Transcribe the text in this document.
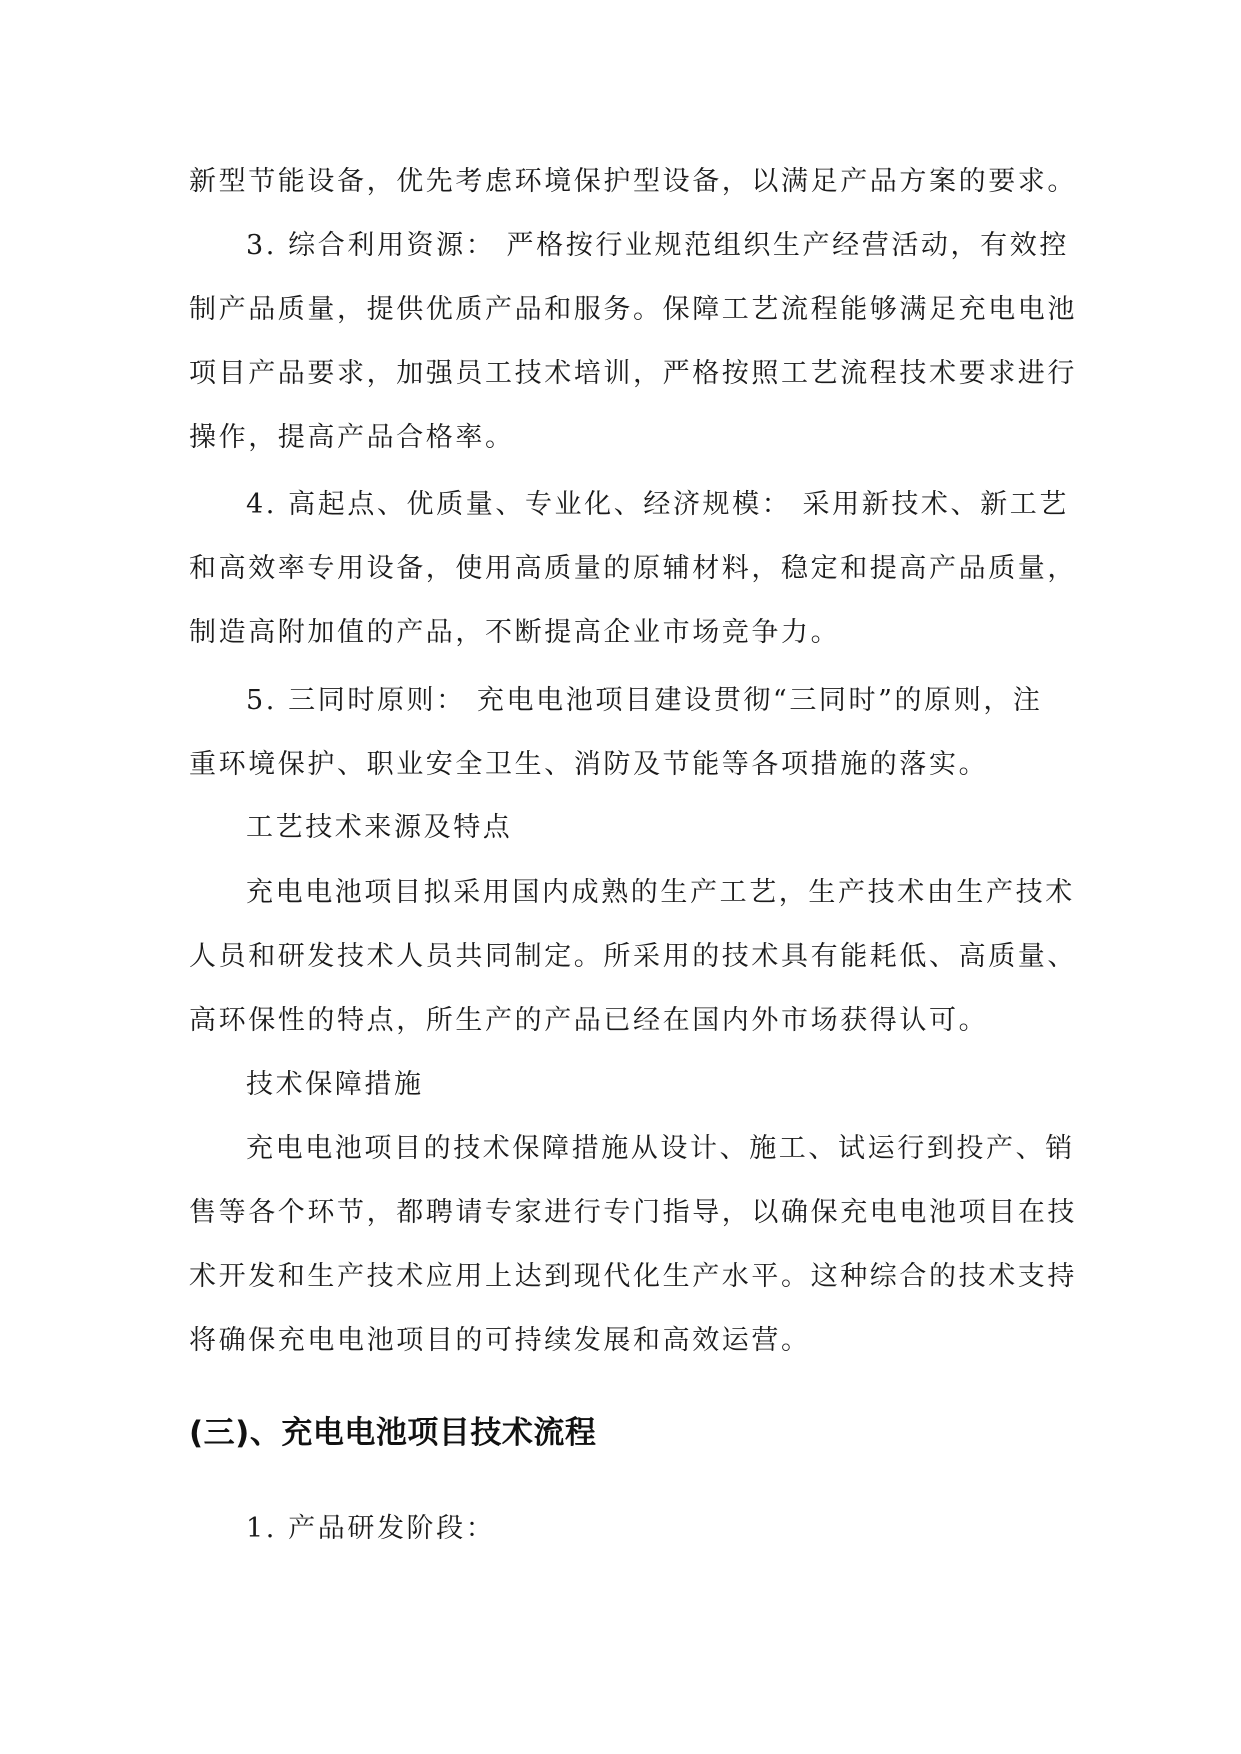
新型节能设备，优先考虑环境保护型设备，以满足产品方案的要求。

3. 综合利用资源： 严格按行业规范组织生产经营活动，有效控

制产品质量，提供优质产品和服务。保障工艺流程能够满足充电电池

项目产品要求，加强员工技术培训，严格按照工艺流程技术要求进行

操作，提高产品合格率。

4. 高起点、优质量、专业化、经济规模： 采用新技术、新工艺

和高效率专用设备，使用高质量的原辅材料，稳定和提高产品质量，

制造高附加值的产品，不断提高企业市场竞争力。

5. 三同时原则： 充电电池项目建设贯彻“三同时”的原则，注

重环境保护、职业安全卫生、消防及节能等各项措施的落实。

工艺技术来源及特点

充电电池项目拟采用国内成熟的生产工艺，生产技术由生产技术

人员和研发技术人员共同制定。所采用的技术具有能耗低、高质量、

高环保性的特点，所生产的产品已经在国内外市场获得认可。

技术保障措施

充电电池项目的技术保障措施从设计、施工、试运行到投产、销

售等各个环节，都聘请专家进行专门指导，以确保充电电池项目在技

术开发和生产技术应用上达到现代化生产水平。这种综合的技术支持

将确保充电电池项目的可持续发展和高效运营。

(三)、充电电池项目技术流程

1. 产品研发阶段：
